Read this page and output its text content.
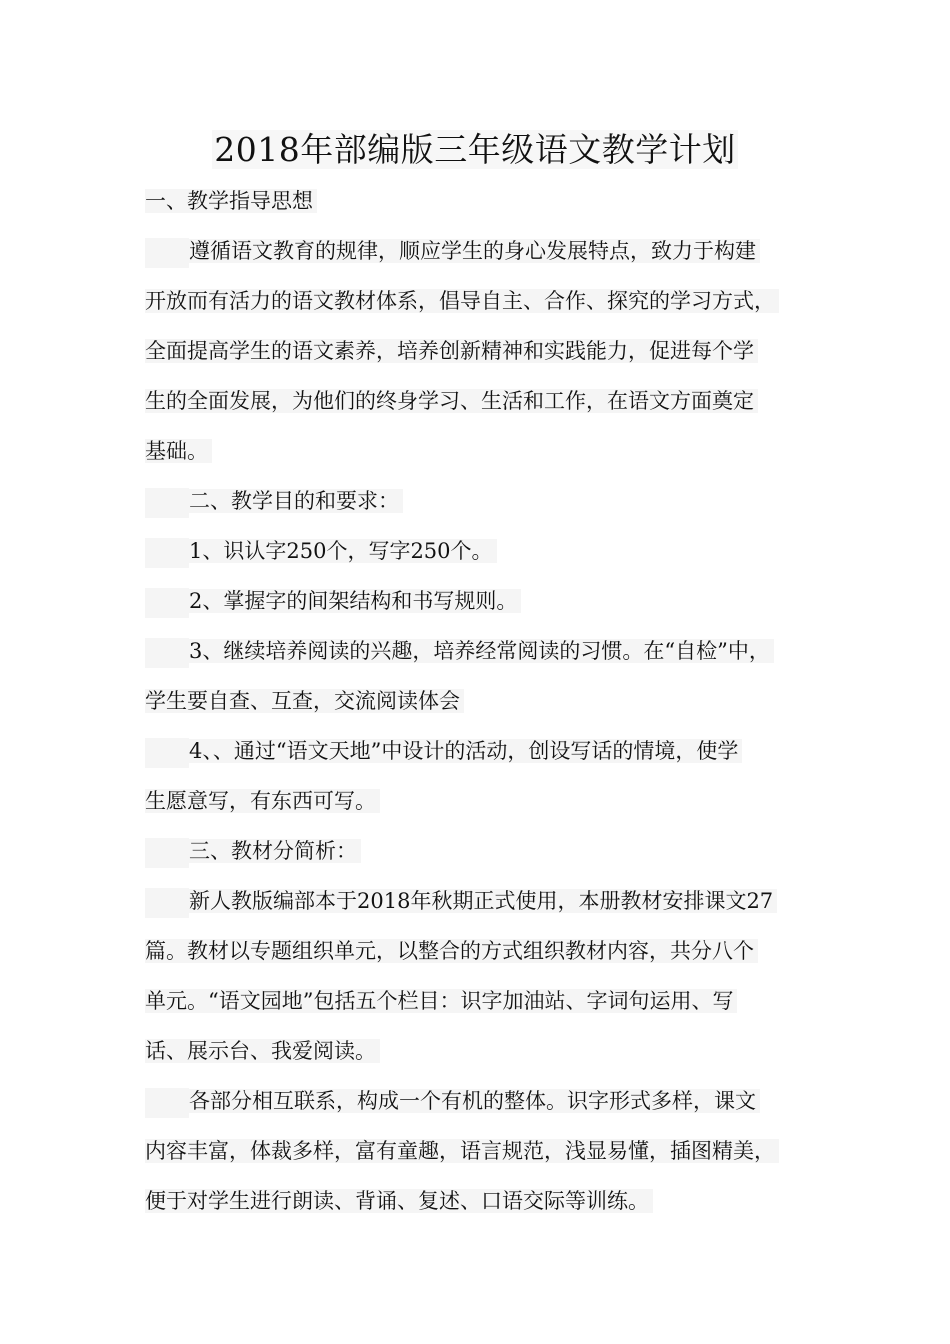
2018年部编版三年级语文教学计划
一、教学指导思想
遵循语文教育的规律，顺应学生的身心发展特点，致力于构建
开放而有活力的语文教材体系，倡导自主、合作、探究的学习方式，
全面提高学生的语文素养，培养创新精神和实践能力，促进每个学
生的全面发展，为他们的终身学习、生活和工作，在语文方面奠定
基础。
二、教学目的和要求：
1、识认字250个，写字250个。
2、掌握字的间架结构和书写规则。
3、继续培养阅读的兴趣，培养经常阅读的习惯。在“自检”中，
学生要自查、互查，交流阅读体会
4、、通过“语文天地”中设计的活动，创设写话的情境，使学
生愿意写，有东西可写。
三、教材分简析：
新人教版编部本于2018年秋期正式使用，本册教材安排课文27
篇。教材以专题组织单元，以整合的方式组织教材内容，共分八个
单元。“语文园地”包括五个栏目：识字加油站、字词句运用、写
话、展示台、我爱阅读。
各部分相互联系，构成一个有机的整体。识字形式多样，课文
内容丰富，体裁多样，富有童趣，语言规范，浅显易懂，插图精美，
便于对学生进行朗读、背诵、复述、口语交际等训练。
